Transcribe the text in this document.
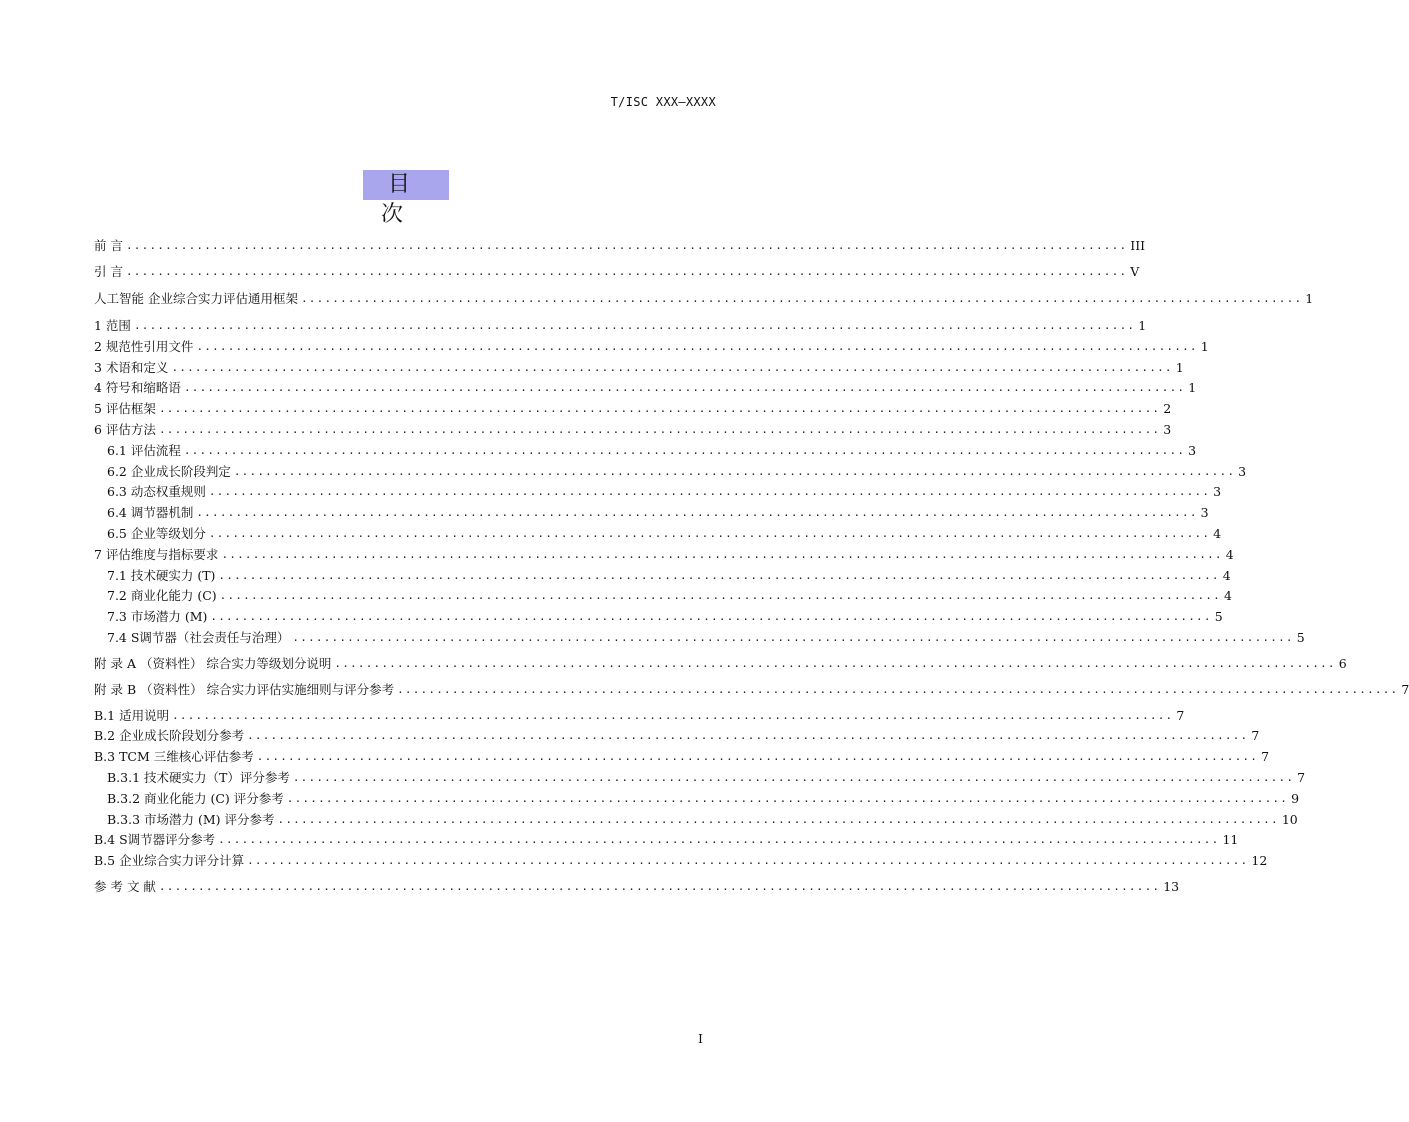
T/ISC XXX—XXXX
目 次
前 言 ................................................................................................................................ III
引 言 ................................................................................................................................ V
人工智能 企业综合实力评估通用框架 ................................................................................................................................ 1
1 范围 ................................................................................................................................ 1
2 规范性引用文件 ................................................................................................................................ 1
3 术语和定义 ................................................................................................................................ 1
4 符号和缩略语 ................................................................................................................................ 1
5 评估框架 ................................................................................................................................ 2
6 评估方法 ................................................................................................................................ 3
6.1 评估流程 ................................................................................................................................ 3
6.2 企业成长阶段判定 ................................................................................................................................ 3
6.3 动态权重规则 ................................................................................................................................ 3
6.4 调节器机制 ................................................................................................................................ 3
6.5 企业等级划分 ................................................................................................................................ 4
7 评估维度与指标要求 ................................................................................................................................ 4
7.1 技术硬实力 (T) ................................................................................................................................ 4
7.2 商业化能力 (C) ................................................................................................................................ 4
7.3 市场潜力 (M) ................................................................................................................................ 5
7.4 S调节器（社会责任与治理） ................................................................................................................................ 5
附 录 A （资料性） 综合实力等级划分说明 ................................................................................................................................ 6
附 录 B （资料性） 综合实力评估实施细则与评分参考 ................................................................................................................................ 7
B.1 适用说明 ................................................................................................................................ 7
B.2 企业成长阶段划分参考 ................................................................................................................................ 7
B.3 TCM 三维核心评估参考 ................................................................................................................................ 7
B.3.1 技术硬实力（T）评分参考 ................................................................................................................................ 7
B.3.2 商业化能力 (C) 评分参考 ................................................................................................................................ 9
B.3.3 市场潜力 (M) 评分参考 ................................................................................................................................ 10
B.4 S调节器评分参考 ................................................................................................................................ 11
B.5 企业综合实力评分计算 ................................................................................................................................ 12
参 考 文 献 ................................................................................................................................ 13
I
